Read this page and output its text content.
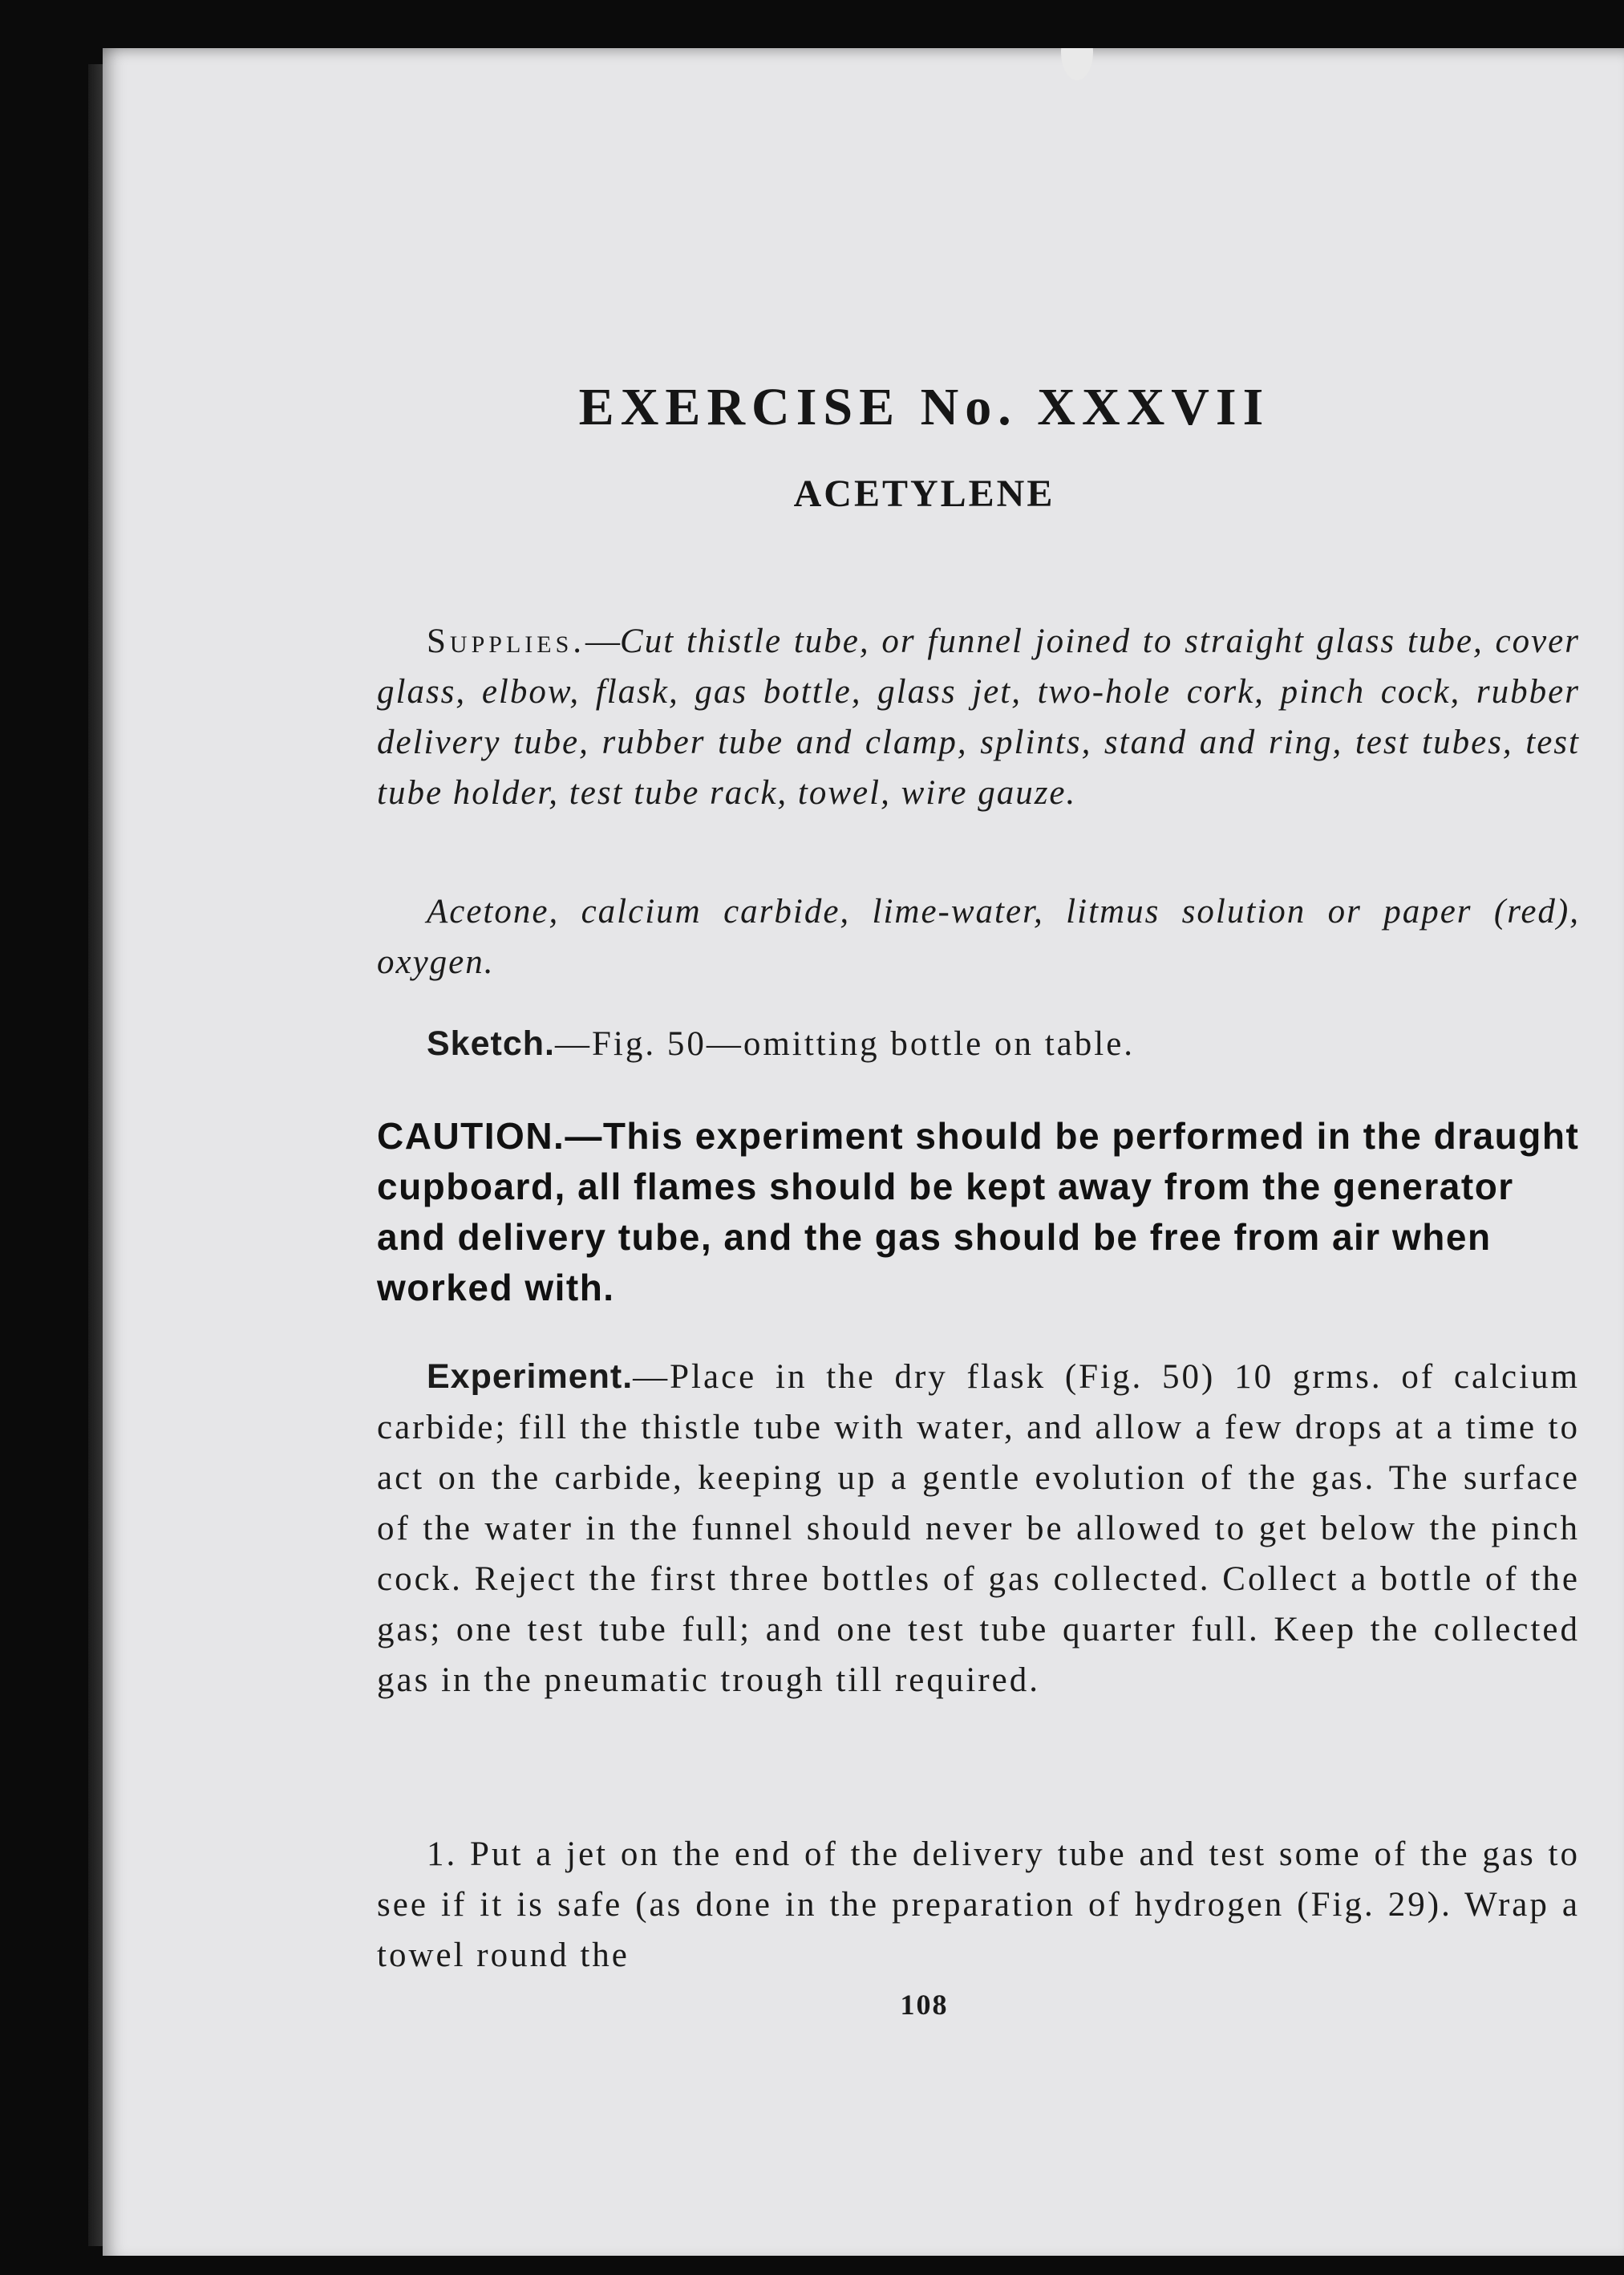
EXERCISE No. XXXVII
ACETYLENE
Supplies.—Cut thistle tube, or funnel joined to straight glass tube, cover glass, elbow, flask, gas bottle, glass jet, two-hole cork, pinch cock, rubber delivery tube, rubber tube and clamp, splints, stand and ring, test tubes, test tube holder, test tube rack, towel, wire gauze.
Acetone, calcium carbide, lime-water, litmus solution or paper (red), oxygen.
Sketch.—Fig. 50—omitting bottle on table.
CAUTION.—This experiment should be performed in the draught cupboard, all flames should be kept away from the generator and delivery tube, and the gas should be free from air when worked with.
Experiment.—Place in the dry flask (Fig. 50) 10 grms. of calcium carbide; fill the thistle tube with water, and allow a few drops at a time to act on the carbide, keeping up a gentle evolution of the gas. The surface of the water in the funnel should never be allowed to get below the pinch cock. Reject the first three bottles of gas collected. Collect a bottle of the gas; one test tube full; and one test tube quarter full. Keep the collected gas in the pneumatic trough till required.
1. Put a jet on the end of the delivery tube and test some of the gas to see if it is safe (as done in the preparation of hydrogen (Fig. 29). Wrap a towel round the
108
